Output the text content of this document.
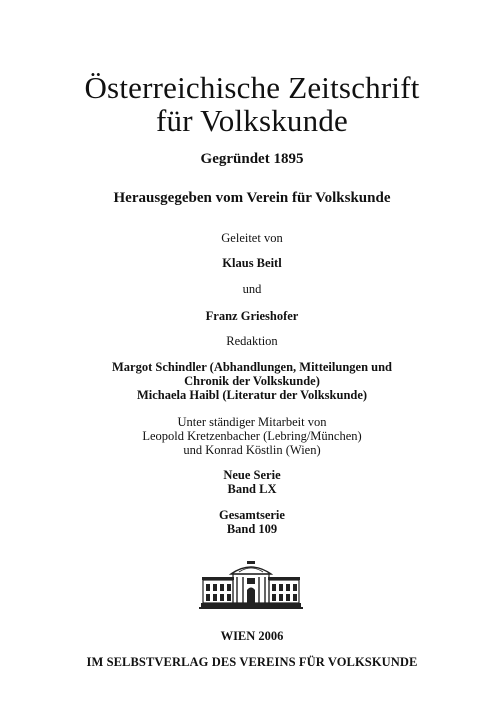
Österreichische Zeitschrift
für Volkskunde
Gegründet 1895
Herausgegeben vom Verein für Volkskunde
Geleitet von
Klaus Beitl
und
Franz Grieshofer
Redaktion
Margot Schindler (Abhandlungen, Mitteilungen und
Chronik der Volkskunde)
Michaela Haibl (Literatur der Volkskunde)
Unter ständiger Mitarbeit von
Leopold Kretzenbacher (Lebring/München)
und Konrad Köstlin (Wien)
Neue Serie
Band LX
Gesamtserie
Band 109
WIEN 2006
IM SELBSTVERLAG DES VEREINS FÜR VOLKSKUNDE
